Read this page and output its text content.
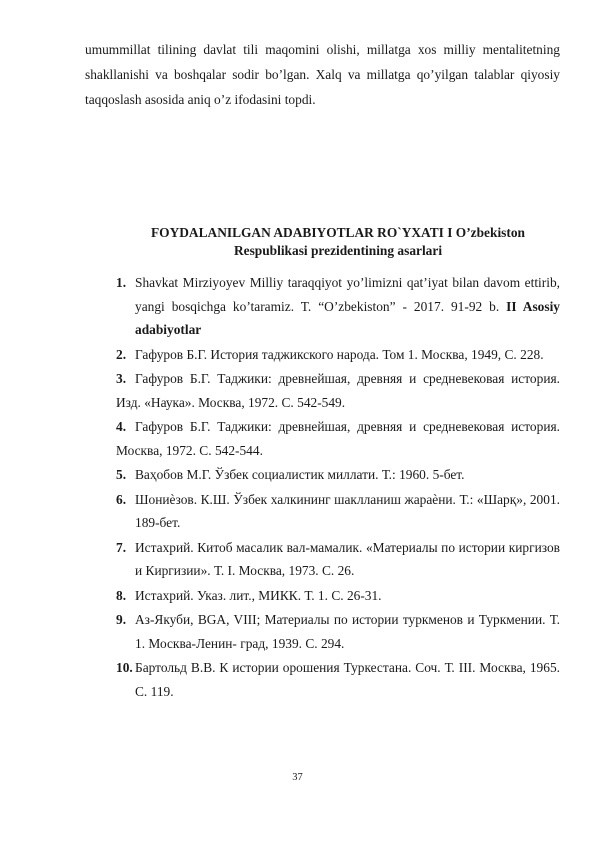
umummillat tilining davlat tili maqomini olishi, millatga xos milliy mentalitetning shakllanishi va boshqalar sodir bo’lgan. Xalq va millatga qo’yilgan talablar qiyosiy taqqoslash asosida aniq o’z ifodasini topdi.

FOYDALANILGAN ADABIYOTLAR RO`YXATI I O’zbekiston
Respublikasi prezidentining asarlari
1. Shavkat Mirziyoyev Milliy taraqqiyot yo’limizni qat’iyat bilan davom ettirib, yangi bosqichga ko’taramiz. T. “O’zbekiston” - 2017. 91-92 b. II Asosiy adabiyotlar
2. Гафуров Б.Г. История таджикского народа. Том 1. Москва, 1949, С. 228.
3. Гафуров Б.Г. Таджики: древнейшая, древняя и средневековая история. Изд. «Наука». Москва, 1972. С. 542-549.
4. Гафуров Б.Г. Таджики: древнейшая, древняя и средневековая история. Москва, 1972. С. 542-544.
5. Ваҳобов М.Г. Ўзбек социалистик миллати. Т.: 1960. 5-бет.
6. Шониѐзов. К.Ш. Ўзбек халкининг шаклланиш жараѐни. Т.: «Шарқ», 2001. 189-бет.
7. Истахрий. Китоб масалик вал-мамалик. «Материалы по истории киргизов и Киргизии». Т. I. Москва, 1973. С. 26.
8. Истахрий. Указ. лит., МИКК. Т. 1. С. 26-31.
9. Аз-Якуби, BGA, VIII; Материалы по истории туркменов и Туркмении. Т. 1. Москва-Ленин- град, 1939. С. 294.
10. Бартольд В.В. К истории орошения Туркестана. Соч. Т. III. Москва, 1965. С. 119.
37
